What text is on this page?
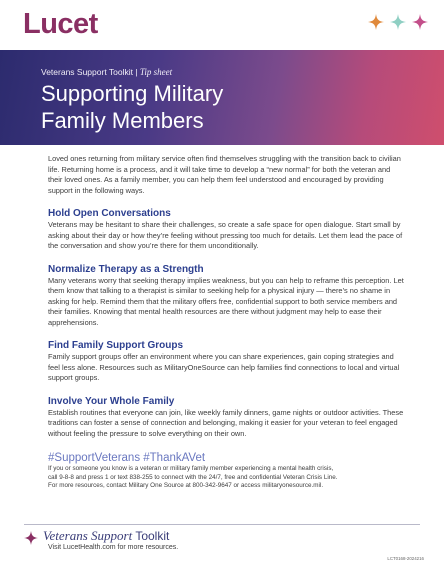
Lucet
Veterans Support Toolkit | Tip sheet
Supporting Military
Family Members

Loved ones returning from military service often find themselves struggling with the transition back to civilian life. Returning home is a process, and it will take time to develop a “new normal” for both the veteran and their loved ones. As a family member, you can help them feel understood and encouraged by providing support in the following ways.

Hold Open Conversations

Veterans may be hesitant to share their challenges, so create a safe space for open dialogue. Start small by asking about their day or how they’re feeling without pressing too much for details. Let them lead the pace of the conversation and show you’re there for them unconditionally.

Normalize Therapy as a Strength

Many veterans worry that seeking therapy implies weakness, but you can help to reframe this perception. Let them know that talking to a therapist is similar to seeking help for a physical injury — there’s no shame in asking for help. Remind them that the military offers free, confidential support to both service members and their families. Knowing that mental health resources are there without judgment may help to ease their apprehensions.

Find Family Support Groups

Family support groups offer an environment where you can share experiences, gain coping strategies and feel less alone. Resources such as MilitaryOneSource can help families find connections to local and virtual support groups.

Involve Your Whole Family

Establish routines that everyone can join, like weekly family dinners, game nights or outdoor activities. These traditions can foster a sense of connection and belonging, making it easier for your veteran to feel engaged without feeling the pressure to solve everything on their own.

#SupportVeterans #ThankAVet
If you or someone you know is a veteran or military family member experiencing a mental health crisis,
call 9-8-8 and press 1 or text 838-255 to connect with the 24/7, free and confidential Veteran Crisis Line.
For more resources, contact Military One Source at 800-342-9647 or access militaryonesource.mil.
Veterans Support Toolkit
Visit LucetHealth.com for more resources.
LCT0168-2024216
